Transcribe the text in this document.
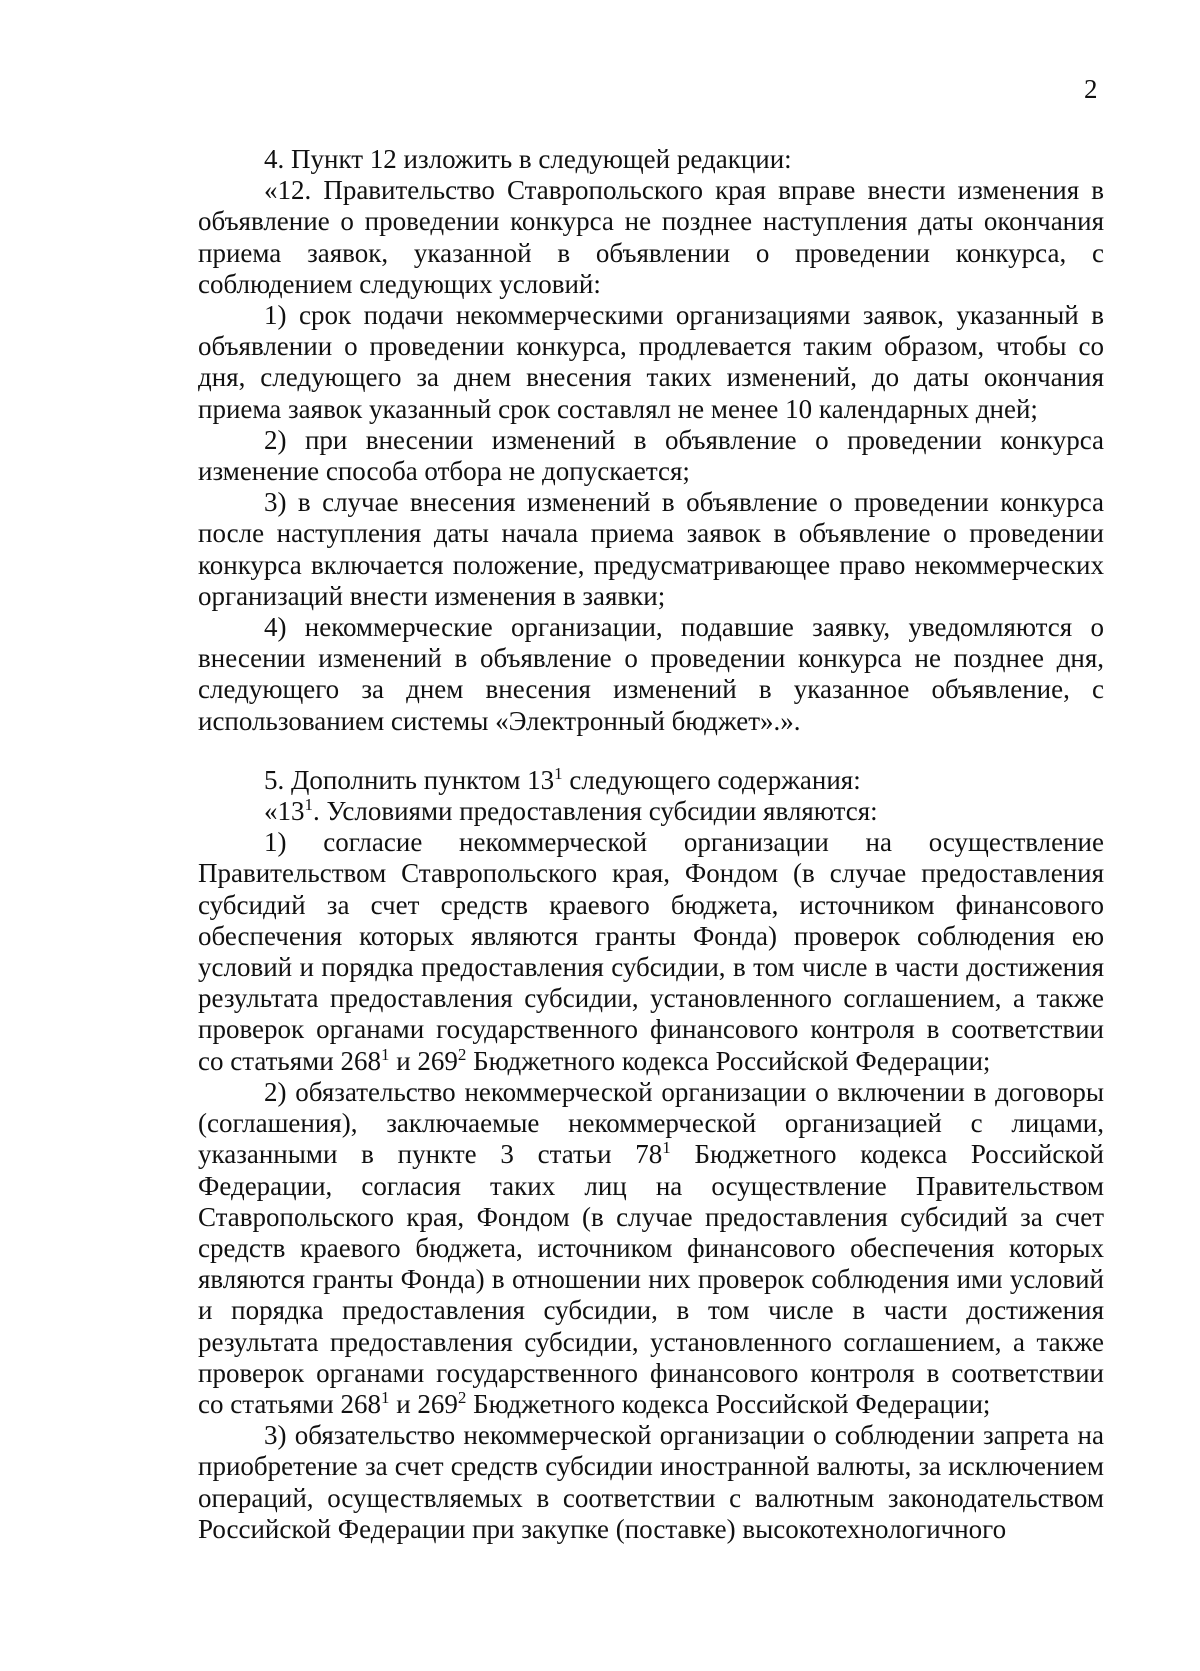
2

4. Пункт 12 изложить в следующей редакции:

«12. Правительство Ставропольского края вправе внести изменения в объявление о проведении конкурса не позднее наступления даты окончания приема заявок, указанной в объявлении о проведении конкурса, с соблюдением следующих условий:

1) срок подачи некоммерческими организациями заявок, указанный в объявлении о проведении конкурса, продлевается таким образом, чтобы со дня, следующего за днем внесения таких изменений, до даты окончания приема заявок указанный срок составлял не менее 10 календарных дней;

2) при внесении изменений в объявление о проведении конкурса изменение способа отбора не допускается;

3) в случае внесения изменений в объявление о проведении конкурса после наступления даты начала приема заявок в объявление о проведении конкурса включается положение, предусматривающее право некоммерческих организаций внести изменения в заявки;

4) некоммерческие организации, подавшие заявку, уведомляются о внесении изменений в объявление о проведении конкурса не позднее дня, следующего за днем внесения изменений в указанное объявление, с использованием системы «Электронный бюджет».».

5. Дополнить пунктом $13^1$ следующего содержания:

«$13^1$. Условиями предоставления субсидии являются:

1) согласие некоммерческой организации на осуществление Правительством Ставропольского края, Фондом (в случае предоставления субсидий за счет средств краевого бюджета, источником финансового обеспечения которых являются гранты Фонда) проверок соблюдения ею условий и порядка предоставления субсидии, в том числе в части достижения результата предоставления субсидии, установленного соглашением, а также проверок органами государственного финансового контроля в соответствии со статьями $268^1$ и $269^2$ Бюджетного кодекса Российской Федерации;

2) обязательство некоммерческой организации о включении в договоры (соглашения), заключаемые некоммерческой организацией с лицами, указанными в пункте 3 статьи $78^1$ Бюджетного кодекса Российской Федерации, согласия таких лиц на осуществление Правительством Ставропольского края, Фондом (в случае предоставления субсидий за счет средств краевого бюджета, источником финансового обеспечения которых являются гранты Фонда) в отношении них проверок соблюдения ими условий и порядка предоставления субсидии, в том числе в части достижения результата предоставления субсидии, установленного соглашением, а также проверок органами государственного финансового контроля в соответствии со статьями $268^1$ и $269^2$ Бюджетного кодекса Российской Федерации;

3) обязательство некоммерческой организации о соблюдении запрета на приобретение за счет средств субсидии иностранной валюты, за исключением операций, осуществляемых в соответствии с валютным законодательством Российской Федерации при закупке (поставке) высокотехнологичного
